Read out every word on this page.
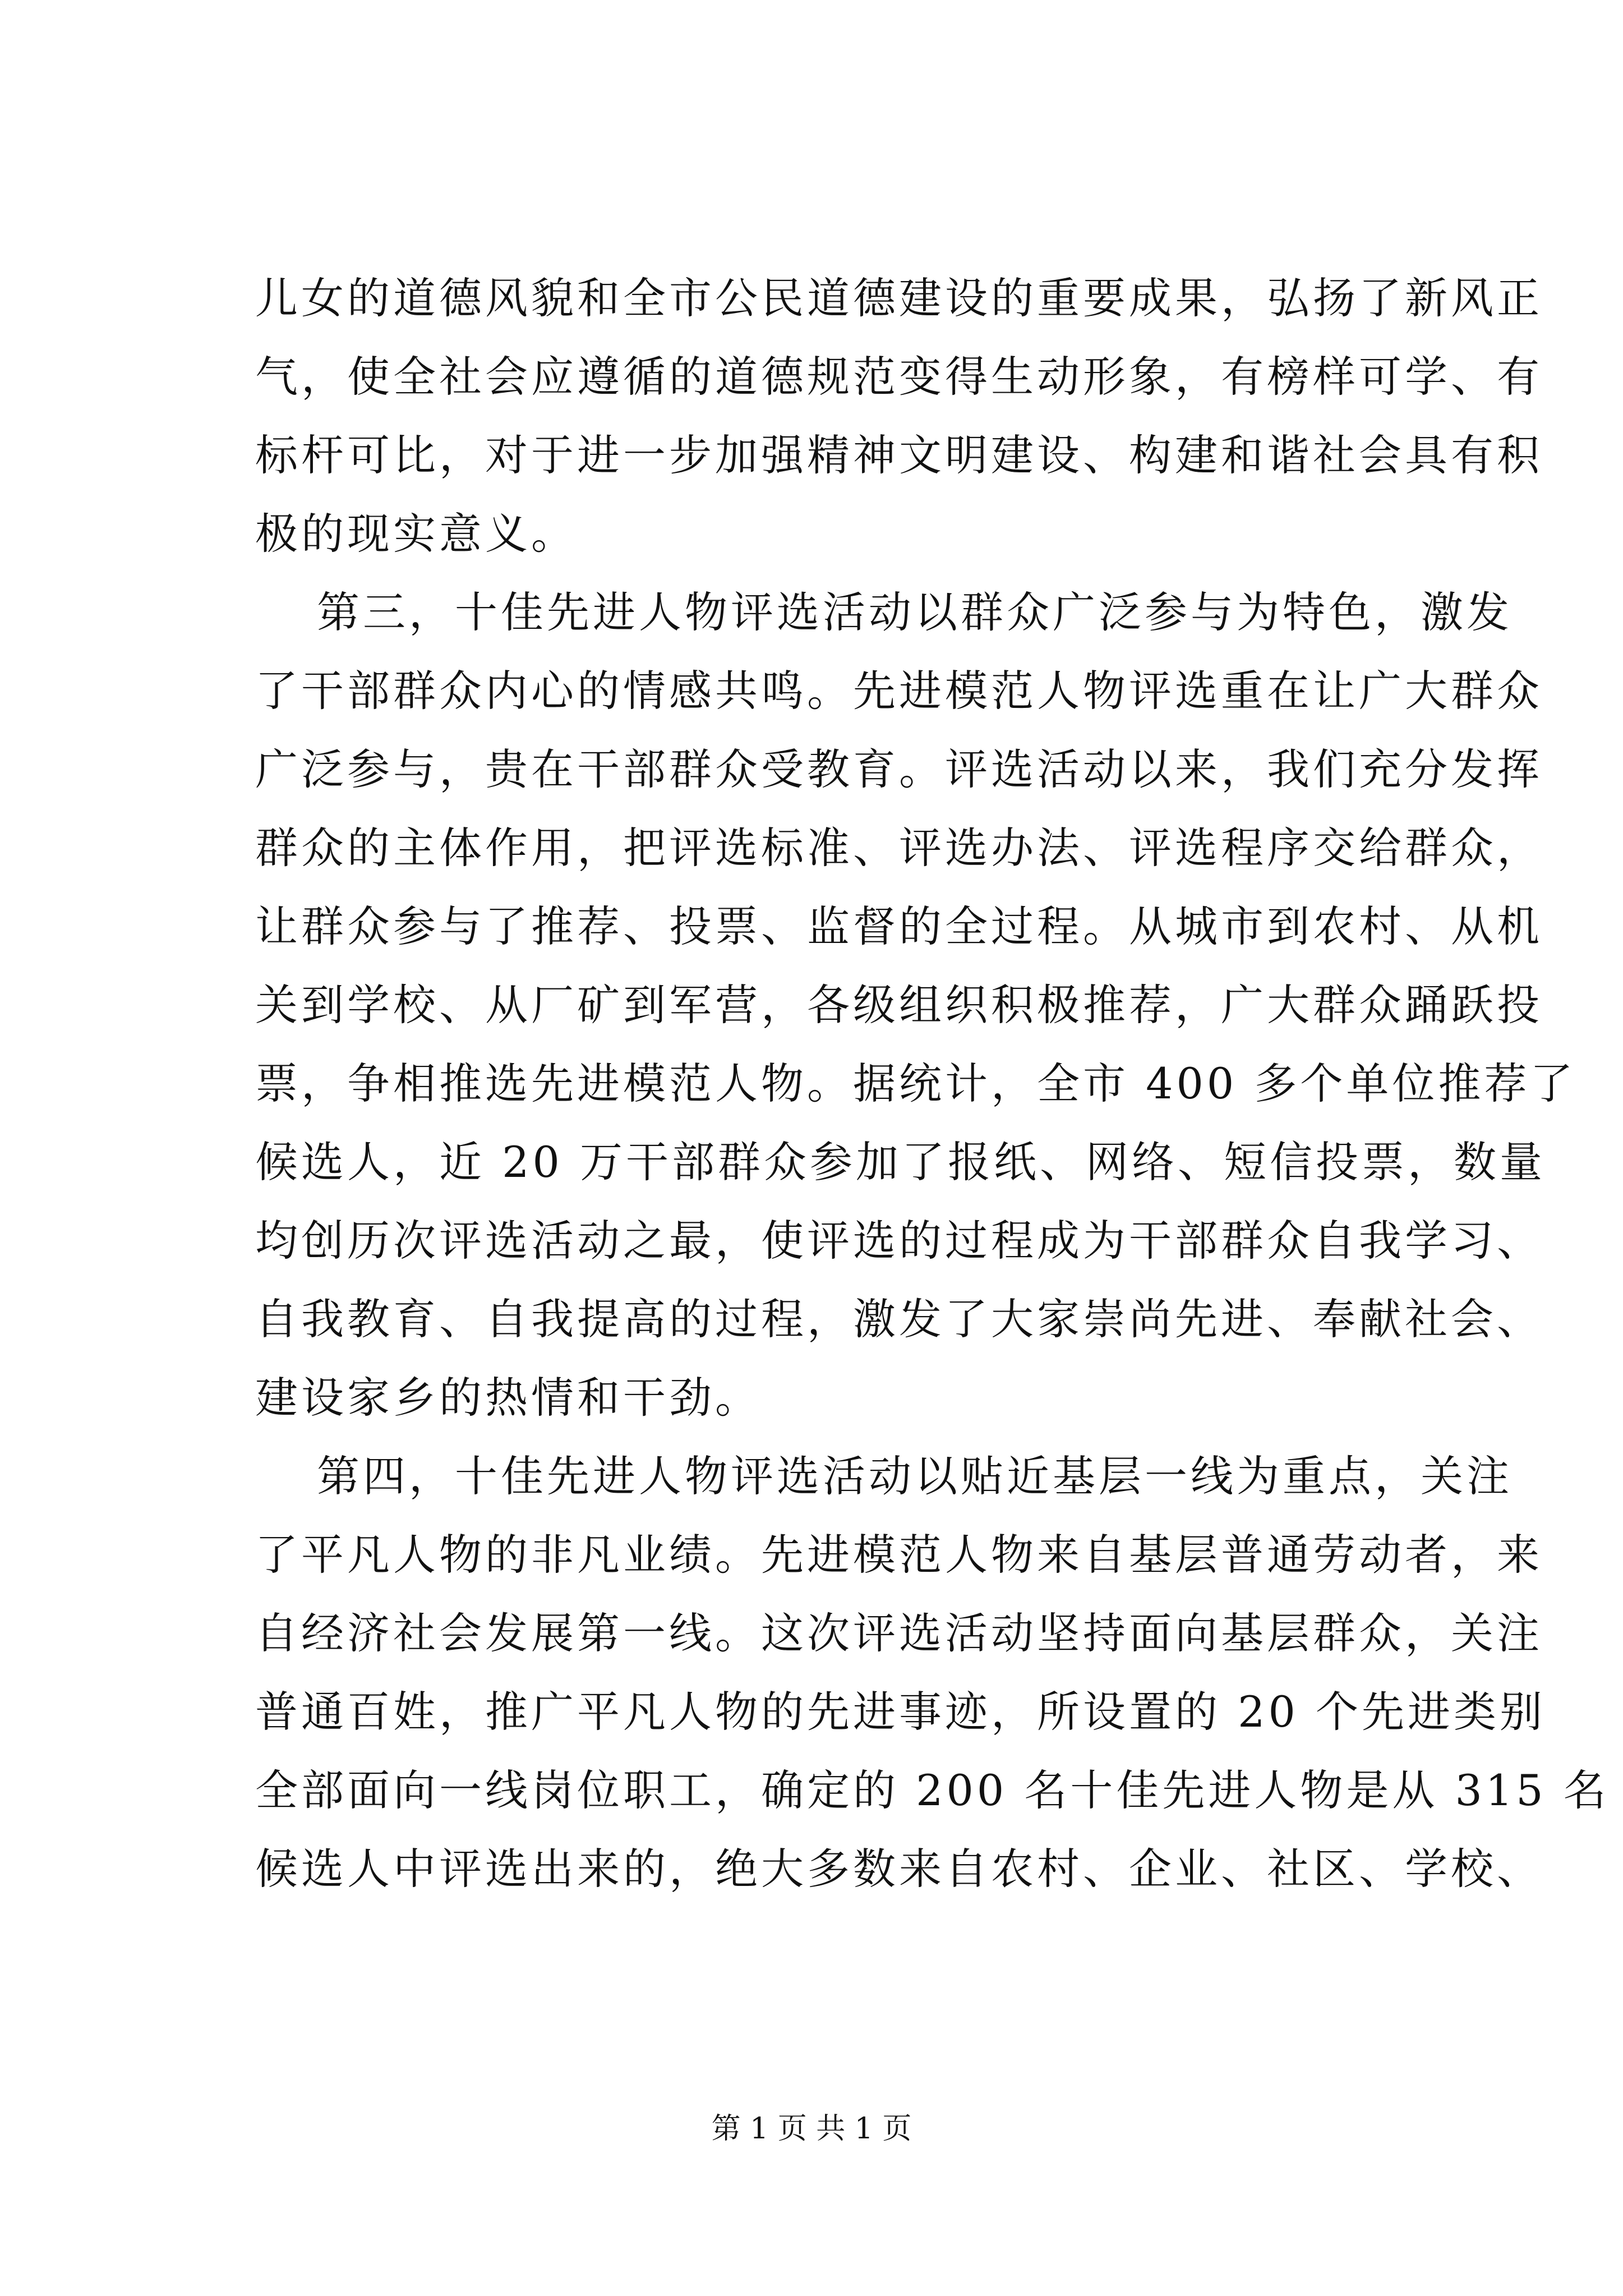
儿女的道德风貌和全市公民道德建设的重要成果，弘扬了新风正
气，使全社会应遵循的道德规范变得生动形象，有榜样可学、有
标杆可比，对于进一步加强精神文明建设、构建和谐社会具有积
极的现实意义。
第三，十佳先进人物评选活动以群众广泛参与为特色，激发
了干部群众内心的情感共鸣。先进模范人物评选重在让广大群众
广泛参与，贵在干部群众受教育。评选活动以来，我们充分发挥
群众的主体作用，把评选标准、评选办法、评选程序交给群众，
让群众参与了推荐、投票、监督的全过程。从城市到农村、从机
关到学校、从厂矿到军营，各级组织积极推荐，广大群众踊跃投
票，争相推选先进模范人物。据统计，全市 400 多个单位推荐了
候选人，近 20 万干部群众参加了报纸、网络、短信投票，数量
均创历次评选活动之最，使评选的过程成为干部群众自我学习、
自我教育、自我提高的过程，激发了大家崇尚先进、奉献社会、
建设家乡的热情和干劲。
第四，十佳先进人物评选活动以贴近基层一线为重点，关注
了平凡人物的非凡业绩。先进模范人物来自基层普通劳动者，来
自经济社会发展第一线。这次评选活动坚持面向基层群众，关注
普通百姓，推广平凡人物的先进事迹，所设置的 20 个先进类别
全部面向一线岗位职工，确定的 200 名十佳先进人物是从 315 名
候选人中评选出来的，绝大多数来自农村、企业、社区、学校、
第 1 页 共 1 页
